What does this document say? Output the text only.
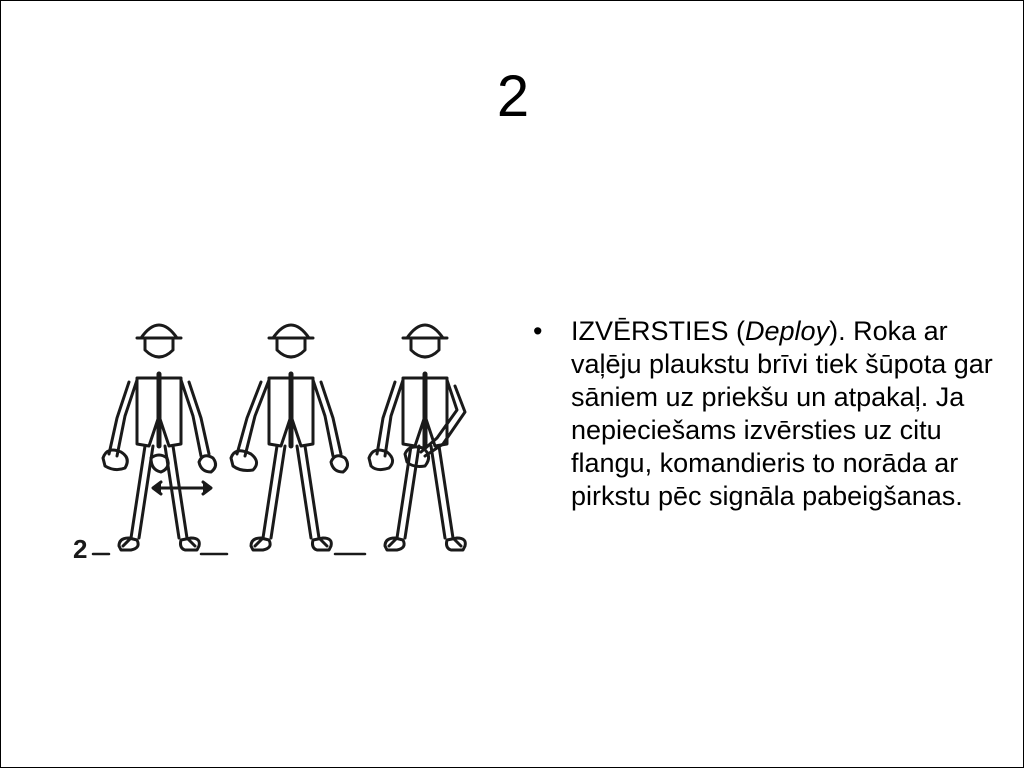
2
2
• IZVĒRSTIES (Deploy). Roka ar vaļēju plaukstu brīvi tiek šūpota gar sāniem uz priekšu un atpakaļ. Ja nepieciešams izvērsties uz citu flangu, komandieris to norāda ar pirkstu pēc signāla pabeigšanas.
